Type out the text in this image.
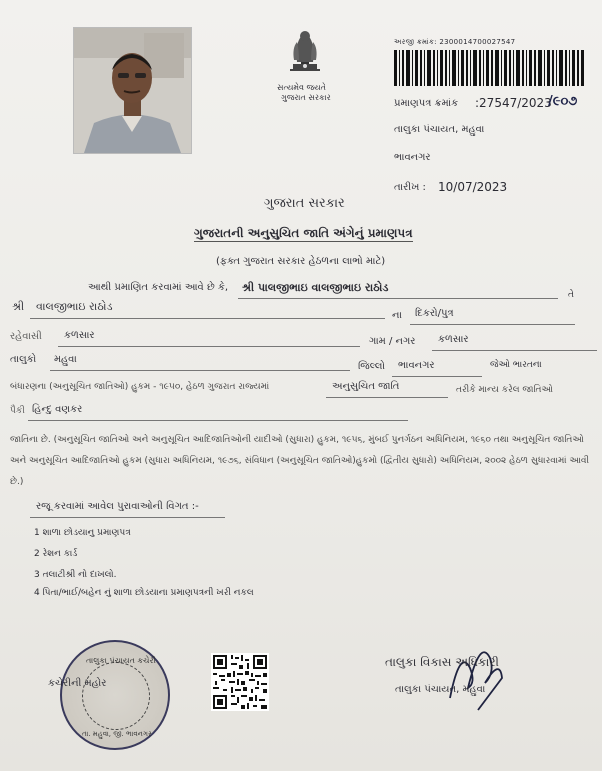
સત્યમેવ જયતે
ગુજરાત સરકાર
અરજી ક્રમાંક: 2300014700027547
પ્રમાણપત્ર ક્રમાંક :27547/2023
/૯૦૭
તાલુકા પંચાયત, મહુવા
ભાવનગર
તારીખ : 10/07/2023
ગુજરાત સરકાર
ગુજરાતની અનુસુચિત જાતિ અંગેનું પ્રમાણપત્ર
(ફક્ત ગુજરાત સરકાર હેઠળના લાભો માટે)
આથી પ્રમાણિત કરવામાં આવે છે કે, શ્રી પાલજીભાઇ વાલજીભાઇ રાઠોડ
તે
શ્રી વાલજીભાઇ રાઠોડ
ના દિકરો/પુત્ર
રહેવાસી કળસાર
ગામ / નગર કળસાર
તાલુકો મહુવા
જિલ્લો ભાવનગર	જેઓ ભારતના
બંધારણના (અનુસૂચિત જાતિઓ) હુકમ - ૧૯૫૦, હેઠળ ગુજરાત રાજ્યમાં	અનુસુચિત જાતિ	તરીકે માન્ય કરેલ જાતિઓ
પૈકી હિન્દુ વણકર
જાતિના છે. (અનુસૂચિત જાતિઓ અને અનુસૂચિત આદિજાતિઓની યાદીઓ (સુધારા) હુકમ, ૧૯૫૬, મુંબઈ પુનર્ગઠન અધિનિયમ, ૧૯૬૦ તથા અનુસૂચિત જાતિઓ અને અનુસૂચિત આદિજાતિઓ હુકમ (સુધારા અધિનિયમ, ૧૯૭૬, સંવિધાન (અનુસૂચિત જાતિઓ)હુકમો (દ્વિતીય સુધારો) અધિનિયમ, ૨૦૦૨ હેઠળ સુધારવામાં આવી છે.)
રજૂ કરવામાં આવેલ પુરાવાઓની વિગત :-
1 શાળા છોડયાનુ પ્રમાણપત્ર
2 રેશન કાર્ડ
3 તલાટીશ્રી નો દાખલો.
4 પિતા/ભાઈ/બહેન નું શાળા છોડયાના પ્રમાણપત્રની ખરી નકલ
તાલુકા પંચાયત કચેરી
તા. મહુવા, જી. ભાવનગર
કચેરીની મહોર
તાલુકા વિકાસ અધિકારી
તાલુકા પંચાયત, મહુવા
